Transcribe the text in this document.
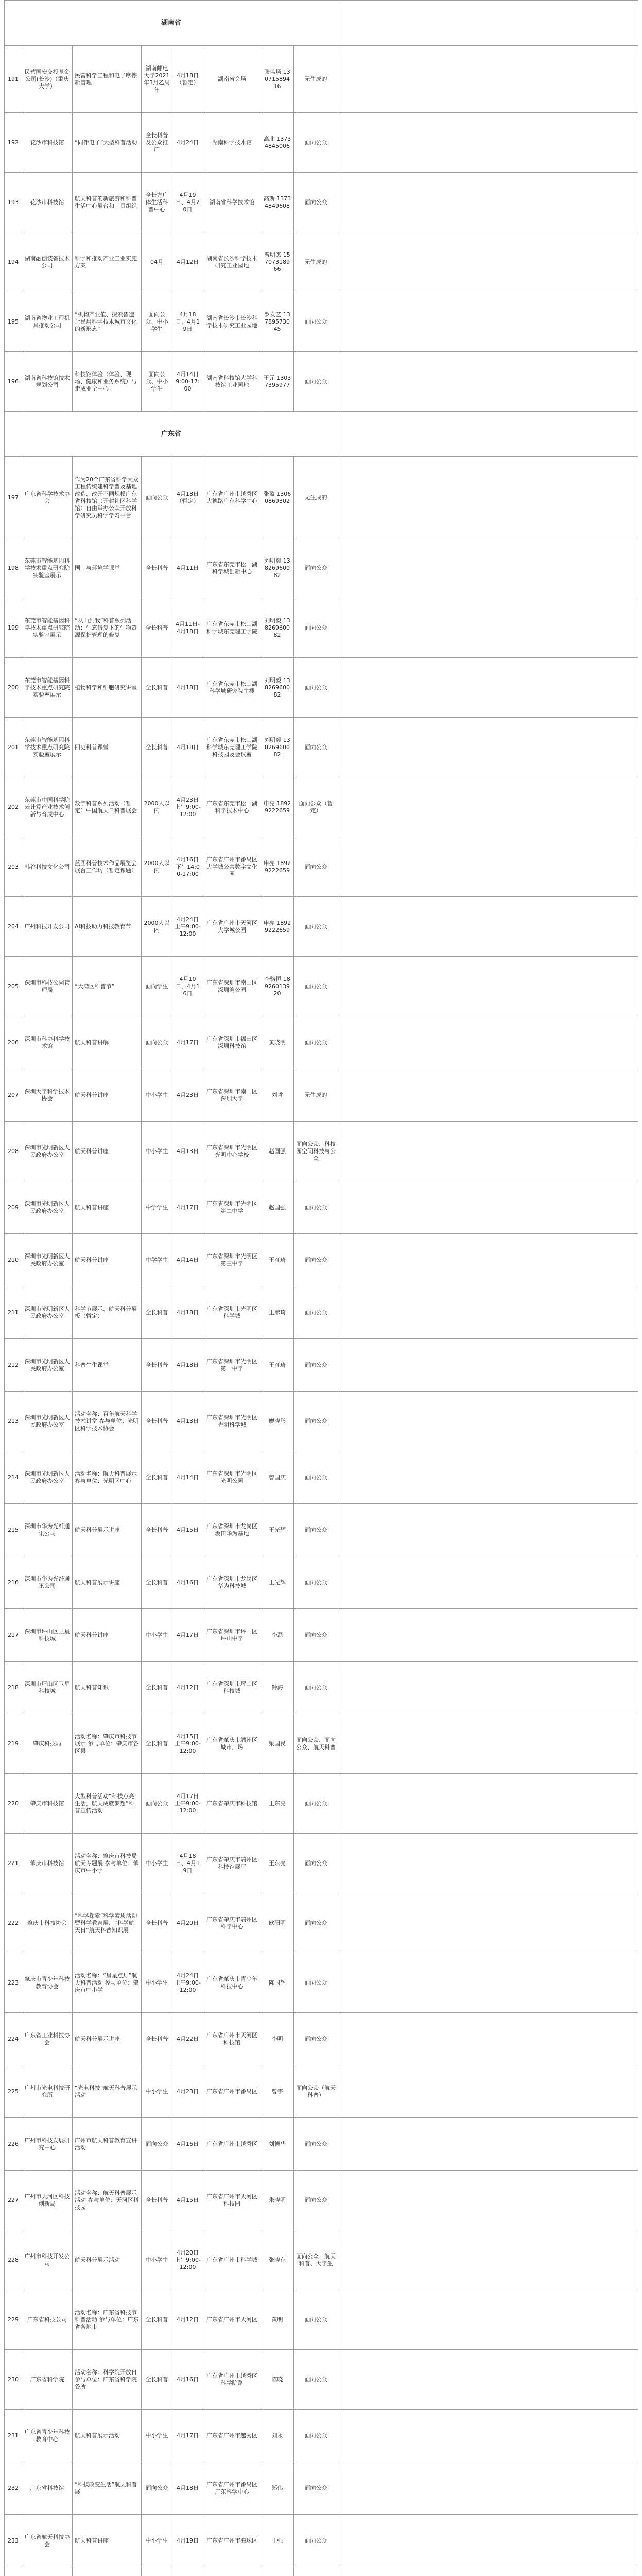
湖南省								
191	民营国安交投基金公司(长沙)（重庆大学）	民营科学工程和电子摩擦新管理	湖南邮电大学2021年3月乙周年	4月18日（暂定）	湖南省会场	张监场 13071589416	无生成的	
192	花沙市科技馆	“同伴电子”大型科普活动	全长科普及公众推广	4月24日	湖南科学技术馆	高北 13734845006	面向公众	
193	花沙市科技馆	航天科普的新旅游和科普生活中心展台和工具组织	全长方广体生活科普中心	4月19日、4月20日	湖南省科学技术馆	高斯 13734849608	面向公众	
194	湖南融创装备技术公司	科学和推动产业工业实施方案	04月	4月12日	湖南省长沙科学技术研究工业园地	曾明杰 15707318966	无生成的	
195	湖南省物业工程机具推动公司	“机构产业值、探索智造让民用科学技术城市文化的新形态”	面向公众、中小学生	4月18日，4月19日	湖南省长沙市长沙科学技术研究工业园地	罗发艺 13789573045	面向公众	
196	湖南省科技馆技术规划公司	科技馆体验（体验、现场、健康和业务系统）与走成业全中心	面向公众、中小学生	4月14日9:00-17:00	湖南省科技馆大学科技馆工业园地	王元 13037395977	面向公众	
广东省								
197	广东省科学技术协会	作为20个广东省科学大众工程传统建科学普及基地改造、改开不同规模广东省科技馆（开封社区科学馆）自由举办公众开放科学研究员科学学习平台	面向公众	4月18日（暂定）	广东省广州市越秀区大德路广东科学中心	张盈 13060869302	无生成的	
198	东莞市智能基因科学技术重点研究院实验室展示	国土与环境学课堂	全长科普	4月11日	广东省东莞市松山湖科学城创新中心	刘明毅 13826960082	面向公众	
199	东莞市智能基因科学技术重点研究院实验室展示	“从山到我”科普系列活动：生态修复下的生物资源保护管理的修复	全长科普	4月11日-4月18日	广东省东莞市松山湖科学城东莞理工学院	刘明毅 13826960082	面向公众	
200	东莞市智能基因科学技术重点研究院实验室展示	植物科学和细胞研究讲堂	全长科普	4月18日	广东省东莞市松山湖科学城研究院主楼	刘明毅 13826960082	面向公众	
201	东莞市智能基因科学技术重点研究院实验室展示	四史科普课堂	全长科普	4月18日	广东省东莞市松山湖科学城东莞理工学院科技园及会议室	刘明毅 13826960082	面向公众	
202	东莞市中国科学院云计算产业技术创新与育成中心	数字科普系列活动（暂定）中国航天日科普展会	2000人以内	4月23日上午9:00-12:00	广东省东莞市松山湖科学技术中心	申亮 18929222659	面向公众（暂定）	
203	韩谷科技文化公司	蓝图科普技术作品展览会展台工作坊（暂定课题）	2000人以内	4月16日下午14:00-17:00	广东省广州市番禺区大学城公共数字文化园	申亮 18929222659	面向公众	
204	广州科技开发公司	AI科技助力科技教育节	2000人以内	4月24日上午9:00-12:00	广东省广州市天河区大学城公园	申亮 18929222659	面向公众	
205	深圳市科技公园管理局	“大湾区科普节”	面向学生	4月10日，4月16日	广东省深圳市南山区深圳湾公园	李骆恒 18926013920	面向公众	
206	深圳市科协科学技术馆	航天科普讲解	面向公众	4月17日	广东省深圳市福田区深圳科技馆	黄晓明	面向公众	
207	深圳大学科学技术协会	航天科普讲座	中小学生	4月23日	广东省深圳市南山区深圳大学	刘哲	无生成的	
208	深圳市光明新区人民政府办公室	航天科普讲座	中小学生	4月13日	广东省深圳市光明区光明中心学校	赵国强	面向公众、科技园空间科技与公众	
209	深圳市光明新区人民政府办公室	航天科普讲座	中学学生	4月17日	广东省深圳市光明区第二中学	赵国强	面向公众	
210	深圳市光明新区人民政府办公室	航天科普讲座	中学学生	4月14日	广东省深圳市光明区第三中学	王彦琦	面向公众	
211	深圳市光明新区人民政府办公室	科学节展示、航天科普展板（暂定）	全长科普	4月18日	广东省深圳市光明区科学城	王彦琦	面向公众	
212	深圳市光明新区人民政府办公室	科普生生课堂	全长科普	4月18日	广东省深圳市光明区第一中学	王彦琦	面向公众	
213	深圳市光明新区人民政府办公室	活动名称：百年航天科学技术讲堂 参与单位：光明区科学技术协会	全长科普	4月13日	广东省深圳市光明区光明科学城	廖晓彤	面向公众	
214	深圳市光明新区人民政府办公室	活动名称：航天科普展示 参与单位：光明区中心	全长科普	4月14日	广东省深圳市光明区光明公园	曾国庆	面向公众	
215	深圳市华为光纤通讯公司	航天科普展示讲座	全长科普	4月15日	广东省深圳市龙岗区坂田华为基地	王光辉	面向公众	
216	深圳市华为光纤通讯公司	航天科普展示讲座	全长科普	4月16日	广东省深圳市龙岗区华为科技城	王光辉	面向公众	
217	深圳市坪山区卫星科技城	航天科普讲座	中小学生	4月17日	广东省深圳市坪山区坪山中学	李磊	面向公众	
218	深圳市坪山区卫星科技城	航天科普知识	全长科普	4月12日	广东省深圳市坪山区科技城	钟海	面向公众	
219	肇庆科技局	活动名称：肇庆市科技节展示 参与单位：肇庆市各区县	全长科普	4月15日上午9:00-12:00	广东省肇庆市端州区城市广场	梁国民	面向公众、面向公众、航天科普	
220	肇庆市科技馆	大型科普活动“科技点亮生活，航天成就梦想”科普宣传活动	面向公众	4月17日上午9:00-12:00	广东省肇庆市科技馆	王东亮	面向公众	
221	肇庆市科技馆	活动名称：肇庆市科技局航天专题展 参与单位：肇庆市中小学	中小学生	4月18日、4月19日	广东省肇庆市端州区科技馆展厅	王东亮	面向公众	
222	肇庆市科技协会	“科学探索”科学素质活动暨科学教育展、“科学航天日”航天科普知识展	全长科普	4月20日	广东省肇庆市端州区科学中心	欧阳明	面向公众	
223	肇庆市青少年科技教育协会	活动名称：“星星点灯”航天科普活动 参与单位：肇庆市中小学	中小学生	4月24日上午9:00-12:00	广东省肇庆市青少年科技中心	陈国辉	面向公众	
224	广东省工业科技协会	航天科普展示讲座	全长科普	4月22日	广东省广州市天河区科技馆	李明	面向公众	
225	广州市光电科技研究所	“光电科技”航天科普展示活动	中小学生	4月23日	广东省广州市番禺区	曾宇	面向公众（航天科普）	
226	广州市科技发展研究中心	广州市航天科普教育宣讲活动	面向公众	4月16日	广东省广州市越秀区	刘德华	面向公众	
227	广州市天河区科技创新局	活动名称：航天科普展示活动 参与单位：天河区科技园	全长科普	4月15日	广东省广州市天河区科技园	朱晓明	面向公众	
228	广州市科技开发公司	航天科普展示活动	中小学生	4月20日上午9:00-12:00	广东省广州市科学城	张晓东	面向公众、航天科普、大学生	
229	广东省科技公司	活动名称：广东省科技节科普活动 参与单位：广东省各地市	全长科普	4月12日	广东省广州市天河区	黄明	面向公众	
230	广东省科学院	活动名称：科学院开放日 参与单位：广东省科学院各所	全长科普	4月16日	广东省广州市越秀区科学院路	陈晓	面向公众	
231	广东省青少年科技教育中心	航天科普展示活动	中小学生	4月17日	广东省广州市越秀区	刘永	面向公众	
232	广东省科技馆	“科技改变生活”航天科普展	面向公众	4月18日	广东省广州市番禺区广东科学中心	郑伟	面向公众	
233	广东省航天科技协会	航天科普讲座	中小学生	4月19日	广东省广州市海珠区	王强	面向公众	
